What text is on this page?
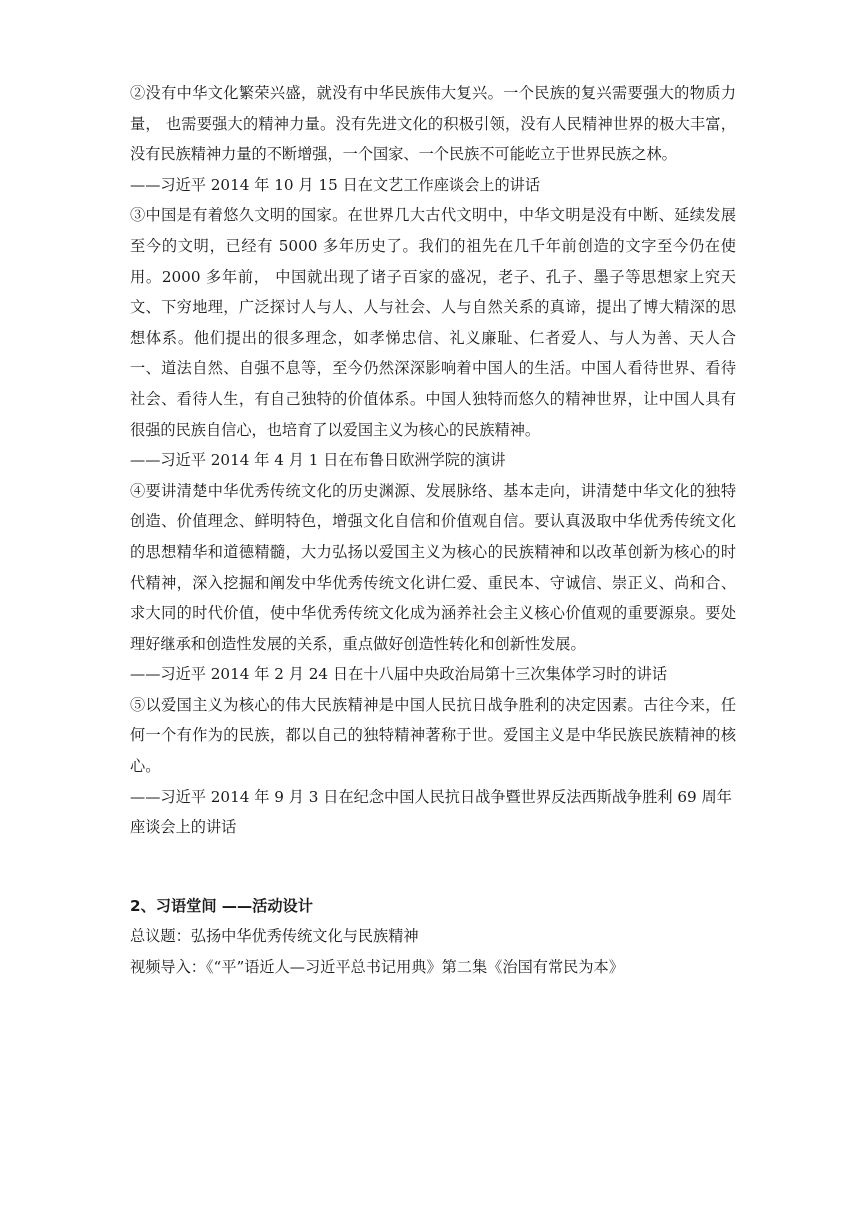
②没有中华文化繁荣兴盛，就没有中华民族伟大复兴。一个民族的复兴需要强大的物质力量， 也需要强大的精神力量。没有先进文化的积极引领，没有人民精神世界的极大丰富，没有民族精神力量的不断增强，一个国家、一个民族不可能屹立于世界民族之林。

——习近平 2014 年 10 月 15 日在文艺工作座谈会上的讲话

③中国是有着悠久文明的国家。在世界几大古代文明中，中华文明是没有中断、延续发展至今的文明，已经有 5000 多年历史了。我们的祖先在几千年前创造的文字至今仍在使用。2000 多年前， 中国就出现了诸子百家的盛况，老子、孔子、墨子等思想家上究天文、下穷地理，广泛探讨人与人、人与社会、人与自然关系的真谛，提出了博大精深的思想体系。他们提出的很多理念，如孝悌忠信、礼义廉耻、仁者爱人、与人为善、天人合一、道法自然、自强不息等，至今仍然深深影响着中国人的生活。中国人看待世界、看待社会、看待人生，有自己独特的价值体系。中国人独特而悠久的精神世界，让中国人具有很强的民族自信心，也培育了以爱国主义为核心的民族精神。

——习近平 2014 年 4 月 1 日在布鲁日欧洲学院的演讲

④要讲清楚中华优秀传统文化的历史渊源、发展脉络、基本走向，讲清楚中华文化的独特创造、价值理念、鲜明特色，增强文化自信和价值观自信。要认真汲取中华优秀传统文化的思想精华和道德精髓，大力弘扬以爱国主义为核心的民族精神和以改革创新为核心的时代精神，深入挖掘和阐发中华优秀传统文化讲仁爱、重民本、守诚信、崇正义、尚和合、求大同的时代价值，使中华优秀传统文化成为涵养社会主义核心价值观的重要源泉。要处理好继承和创造性发展的关系，重点做好创造性转化和创新性发展。

——习近平 2014 年 2 月 24 日在十八届中央政治局第十三次集体学习时的讲话

⑤以爱国主义为核心的伟大民族精神是中国人民抗日战争胜利的决定因素。古往今来，任何一个有作为的民族，都以自己的独特精神著称于世。爱国主义是中华民族民族精神的核心。

——习近平 2014 年 9 月 3 日在纪念中国人民抗日战争暨世界反法西斯战争胜利 69 周年座谈会上的讲话

2、习语堂间 ——活动设计

总议题：弘扬中华优秀传统文化与民族精神

视频导入：《“平”语近人—习近平总书记用典》第二集《治国有常民为本》
